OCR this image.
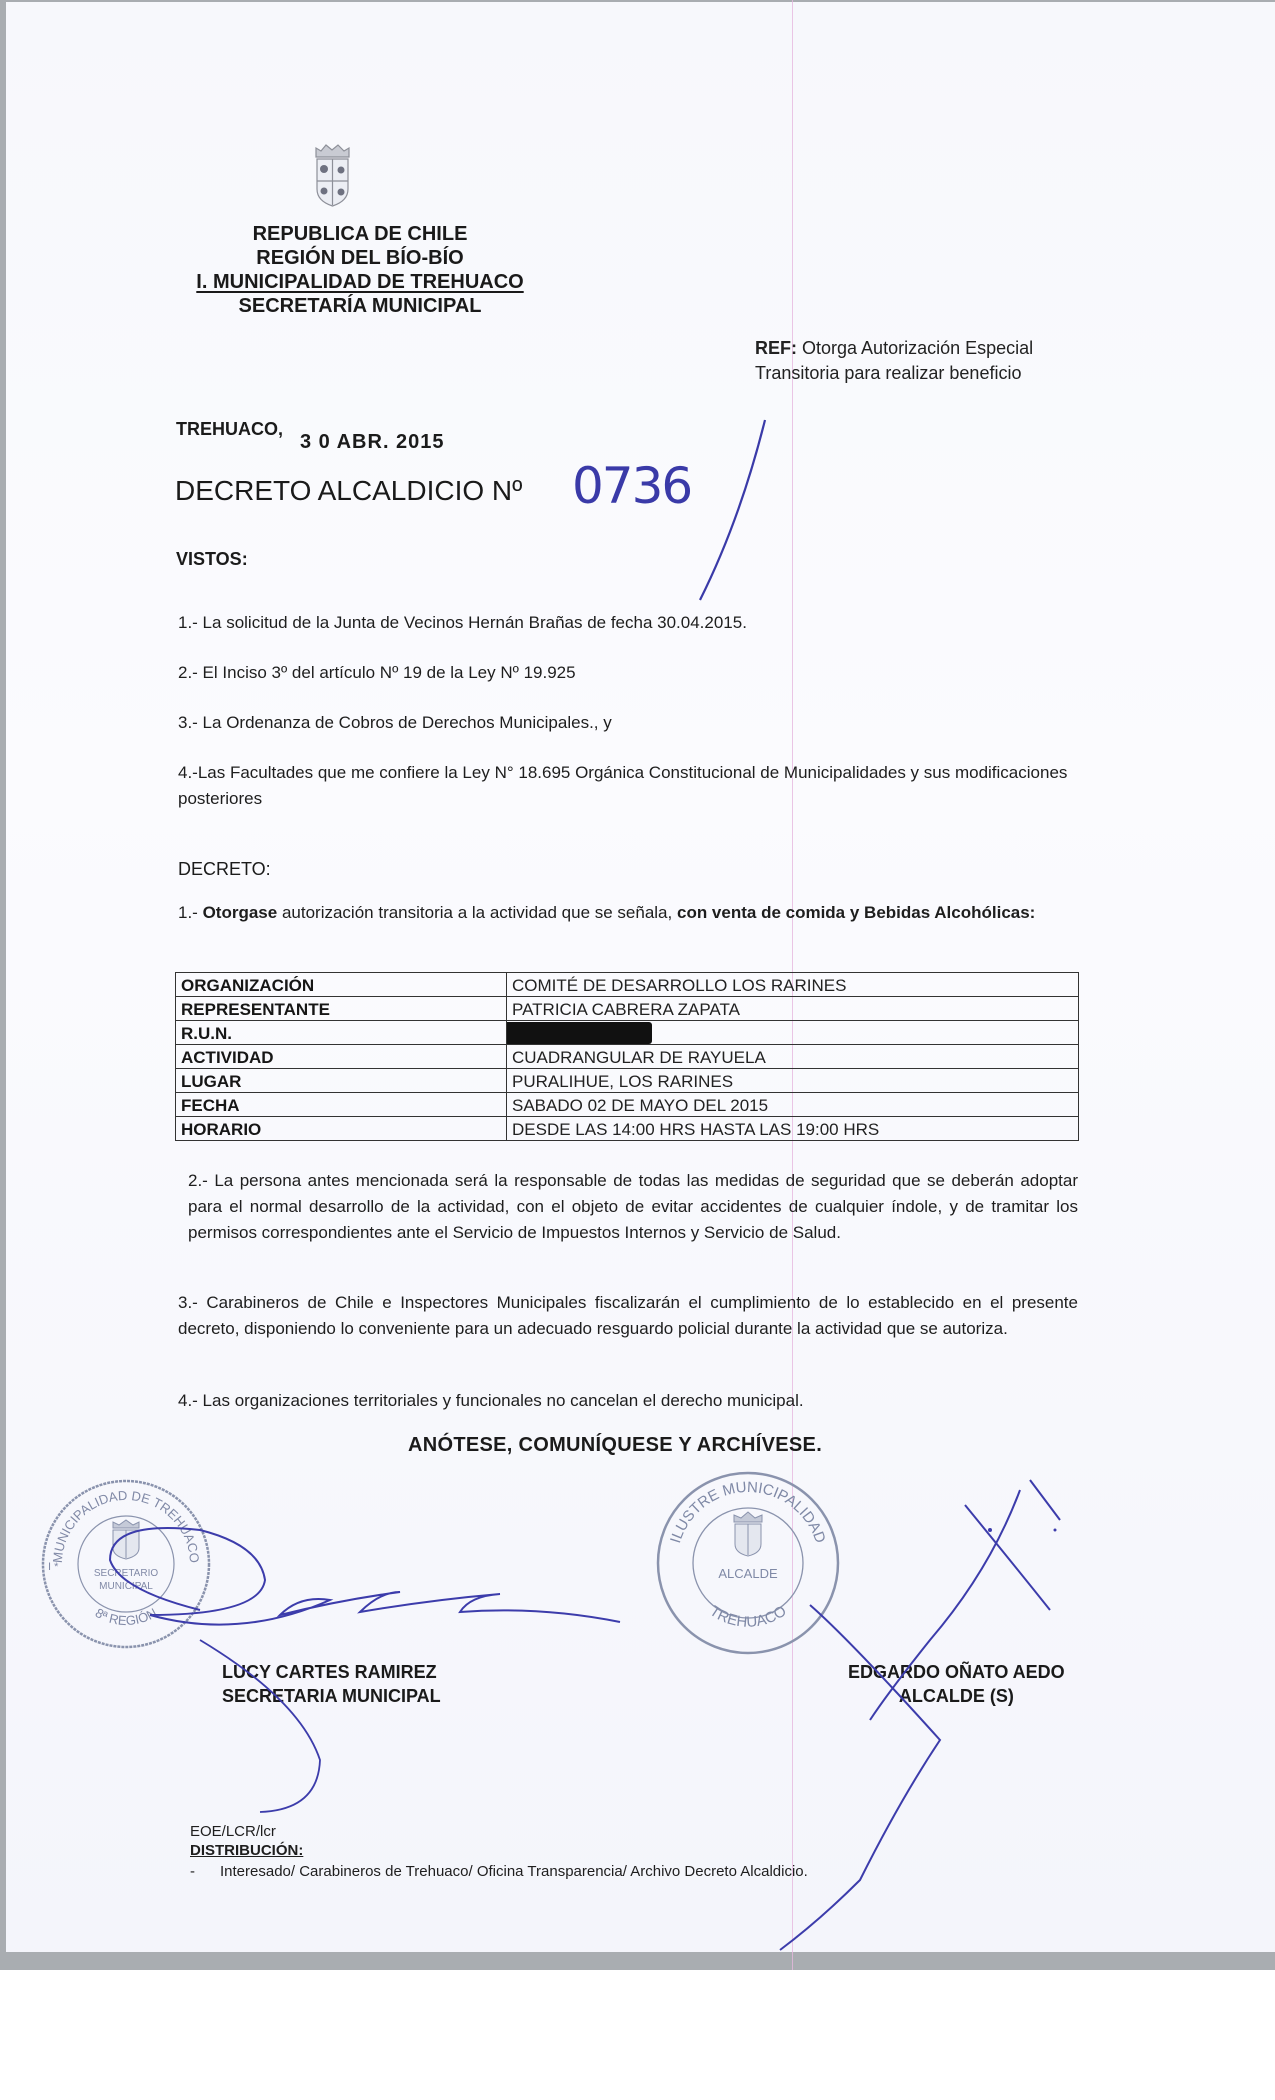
REPUBLICA DE CHILE
REGIÓN DEL BÍO-BÍO
I. MUNICIPALIDAD DE TREHUACO
SECRETARÍA MUNICIPAL
REF: Otorga Autorización Especial
Transitoria para realizar beneficio
TREHUACO,
3 0 ABR. 2015
DECRETO ALCALDICIO Nº 0736
VISTOS:
1.- La solicitud de la Junta de Vecinos Hernán Brañas de fecha 30.04.2015.
2.- El Inciso 3º del artículo Nº 19 de la Ley Nº 19.925
3.- La Ordenanza de Cobros de Derechos Municipales., y
4.-Las Facultades que me confiere la Ley N° 18.695 Orgánica Constitucional de Municipalidades y sus modificaciones posteriores
DECRETO:
1.- Otorgase autorización transitoria a la actividad que se señala, con venta de comida y Bebidas Alcohólicas:
ORGANIZACIÓN	COMITÉ DE DESARROLLO LOS RARINES
REPRESENTANTE	PATRICIA CABRERA ZAPATA
R.U.N.	
ACTIVIDAD	CUADRANGULAR DE RAYUELA
LUGAR	PURALIHUE, LOS RARINES
FECHA	SABADO 02 DE MAYO DEL 2015
HORARIO	DESDE LAS 14:00 HRS HASTA LAS 19:00 HRS
2.- La persona antes mencionada será la responsable de todas las medidas de seguridad que se deberán adoptar para el normal desarrollo de la actividad, con el objeto de evitar accidentes de cualquier índole, y de tramitar los permisos correspondientes ante el Servicio de Impuestos Internos y Servicio de Salud.
3.- Carabineros de Chile e Inspectores Municipales fiscalizarán el cumplimiento de lo establecido en el presente decreto, disponiendo lo conveniente para un adecuado resguardo policial durante la actividad que se autoriza.
4.- Las organizaciones territoriales y funcionales no cancelan el derecho municipal.
ANÓTESE, COMUNÍQUESE Y ARCHÍVESE.
MUNICIPALIDAD DE TREHUACO
8ª REGIÓN
I *
SECRETARIO
MUNICIPAL
ILUSTRE MUNICIPALIDAD
TREHUACO
ALCALDE
LUCY CARTES RAMIREZ
SECRETARIA MUNICIPAL
EDGARDO OÑATO AEDO
ALCALDE (S)
EOE/LCR/lcr
DISTRIBUCIÓN:
- Interesado/ Carabineros de Trehuaco/ Oficina Transparencia/ Archivo Decreto Alcaldicio.
